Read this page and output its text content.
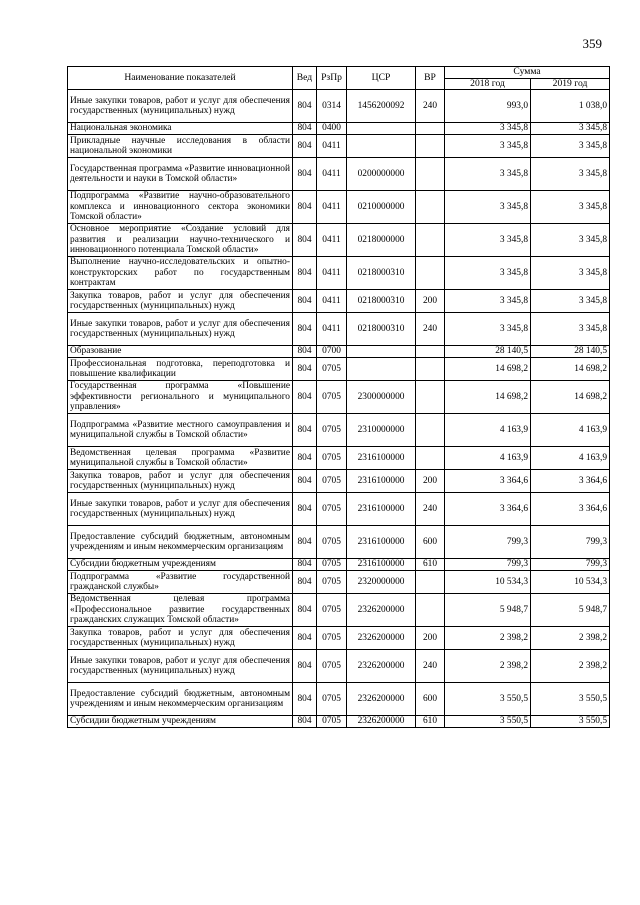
359
Наименование показателей	Вед	РзПр	ЦСР	ВР	Сумма	
					2018 год	2019 год
Иные закупки товаров, работ и услуг для обеспечения государственных (муниципальных) нужд	804	0314	1456200092	240	993,0	1 038,0
Национальная экономика	804	0400			3 345,8	3 345,8
Прикладные научные исследования в области национальной экономики	804	0411			3 345,8	3 345,8
Государственная программа «Развитие инновационной деятельности и науки в Томской области»	804	0411	0200000000		3 345,8	3 345,8
Подпрограмма «Развитие научно-образовательного комплекса и инновационного сектора экономики Томской области»	804	0411	0210000000		3 345,8	3 345,8
Основное мероприятие «Создание условий для развития и реализации научно-технического и инновационного потенциала Томской области»	804	0411	0218000000		3 345,8	3 345,8
Выполнение научно-исследовательских и опытно-конструкторских работ по государственным контрактам	804	0411	0218000310		3 345,8	3 345,8
Закупка товаров, работ и услуг для обеспечения государственных (муниципальных) нужд	804	0411	0218000310	200	3 345,8	3 345,8
Иные закупки товаров, работ и услуг для обеспечения государственных (муниципальных) нужд	804	0411	0218000310	240	3 345,8	3 345,8
Образование	804	0700			28 140,5	28 140,5
Профессиональная подготовка, переподготовка и повышение квалификации	804	0705			14 698,2	14 698,2
Государственная программа «Повышение эффективности регионального и муниципального управления»	804	0705	2300000000		14 698,2	14 698,2
Подпрограмма «Развитие местного самоуправления и муниципальной службы в Томской области»	804	0705	2310000000		4 163,9	4 163,9
Ведомственная целевая программа «Развитие муниципальной службы в Томской области»	804	0705	2316100000		4 163,9	4 163,9
Закупка товаров, работ и услуг для обеспечения государственных (муниципальных) нужд	804	0705	2316100000	200	3 364,6	3 364,6
Иные закупки товаров, работ и услуг для обеспечения государственных (муниципальных) нужд	804	0705	2316100000	240	3 364,6	3 364,6
Предоставление субсидий бюджетным, автономным учреждениям и иным некоммерческим организациям	804	0705	2316100000	600	799,3	799,3
Субсидии бюджетным учреждениям	804	0705	2316100000	610	799,3	799,3
Подпрограмма «Развитие государственной гражданской службы»	804	0705	2320000000		10 534,3	10 534,3
Ведомственная целевая программа «Профессиональное развитие государственных гражданских служащих Томской области»	804	0705	2326200000		5 948,7	5 948,7
Закупка товаров, работ и услуг для обеспечения государственных (муниципальных) нужд	804	0705	2326200000	200	2 398,2	2 398,2
Иные закупки товаров, работ и услуг для обеспечения государственных (муниципальных) нужд	804	0705	2326200000	240	2 398,2	2 398,2
Предоставление субсидий бюджетным, автономным учреждениям и иным некоммерческим организациям	804	0705	2326200000	600	3 550,5	3 550,5
Субсидии бюджетным учреждениям	804	0705	2326200000	610	3 550,5	3 550,5
